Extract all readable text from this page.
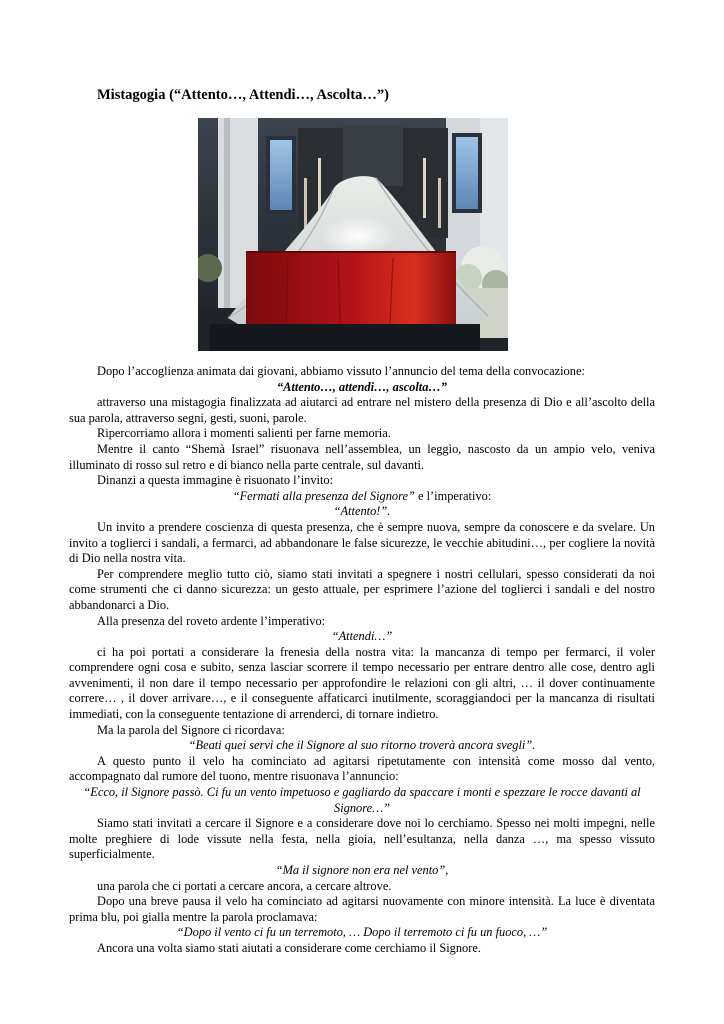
Mistagogia (“Attento…, Attendi…, Ascolta…”)

Dopo l’accoglienza animata dai giovani, abbiamo vissuto l’annuncio del tema della convocazione:

“Attento…, attendi…, ascolta…”

attraverso una mistagogia finalizzata ad aiutarci ad entrare nel mistero della presenza di Dio e all’ascolto della sua parola, attraverso segni, gesti, suoni, parole.

Ripercorriamo allora i momenti salienti per farne memoria.

Mentre il canto “Shemà Israel” risuonava nell’assemblea, un leggìo, nascosto da un ampio velo, veniva illuminato di rosso sul retro e di bianco nella parte centrale, sul davanti.

Dinanzi a questa immagine è risuonato l’invito:

“Fermati alla presenza del Signore” e l’imperativo:

“Attento!”.

Un invito a prendere coscienza di questa presenza, che è sempre nuova, sempre da conoscere e da svelare. Un invito a toglierci i sandali, a fermarci, ad abbandonare le false sicurezze, le vecchie abitudini…, per cogliere la novità di Dio nella nostra vita.

Per comprendere meglio tutto ciò, siamo stati invitati a spegnere i nostri cellulari, spesso considerati da noi come strumenti che ci danno sicurezza: un gesto attuale, per esprimere l’azione del toglierci i sandali e del nostro abbandonarci a Dio.

Alla presenza del roveto ardente l’imperativo:

“Attendi…”

ci ha poi portati a considerare la frenesia della nostra vita: la mancanza di tempo per fermarci, il voler comprendere ogni cosa e subito, senza lasciar scorrere il tempo necessario per entrare dentro alle cose, dentro agli avvenimenti, il non dare il tempo necessario per approfondire le relazioni con gli altri, … il dover continuamente correre… , il dover arrivare…, e il conseguente affaticarci inutilmente, scoraggiandoci per la mancanza di risultati immediati, con la conseguente tentazione di arrenderci, di tornare indietro.

Ma la parola del Signore ci ricordava:

“Beati quei servi che il Signore al suo ritorno troverà ancora svegli”.

A questo punto il velo ha cominciato ad agitarsi ripetutamente con intensità come mosso dal vento, accompagnato dal rumore del tuono, mentre risuonava l’annuncio:

“Ecco, il Signore passò. Ci fu un vento impetuoso e gagliardo da spaccare i monti e spezzare le rocce davanti al Signore…”

Siamo stati invitati a cercare il Signore e a considerare dove noi lo cerchiamo. Spesso nei molti impegni, nelle molte preghiere di lode vissute nella festa, nella gioia, nell’esultanza, nella danza …, ma spesso vissuto superficialmente.

“Ma il signore non era nel vento”,

una parola che ci portati a cercare ancora, a cercare altrove.

Dopo una breve pausa il velo ha cominciato ad agitarsi nuovamente con minore intensità. La luce è diventata prima blu, poi gialla mentre la parola proclamava:

“Dopo il vento ci fu un terremoto, … Dopo il terremoto ci fu un fuoco, …”

Ancora una volta siamo stati aiutati a considerare come cerchiamo il Signore.
